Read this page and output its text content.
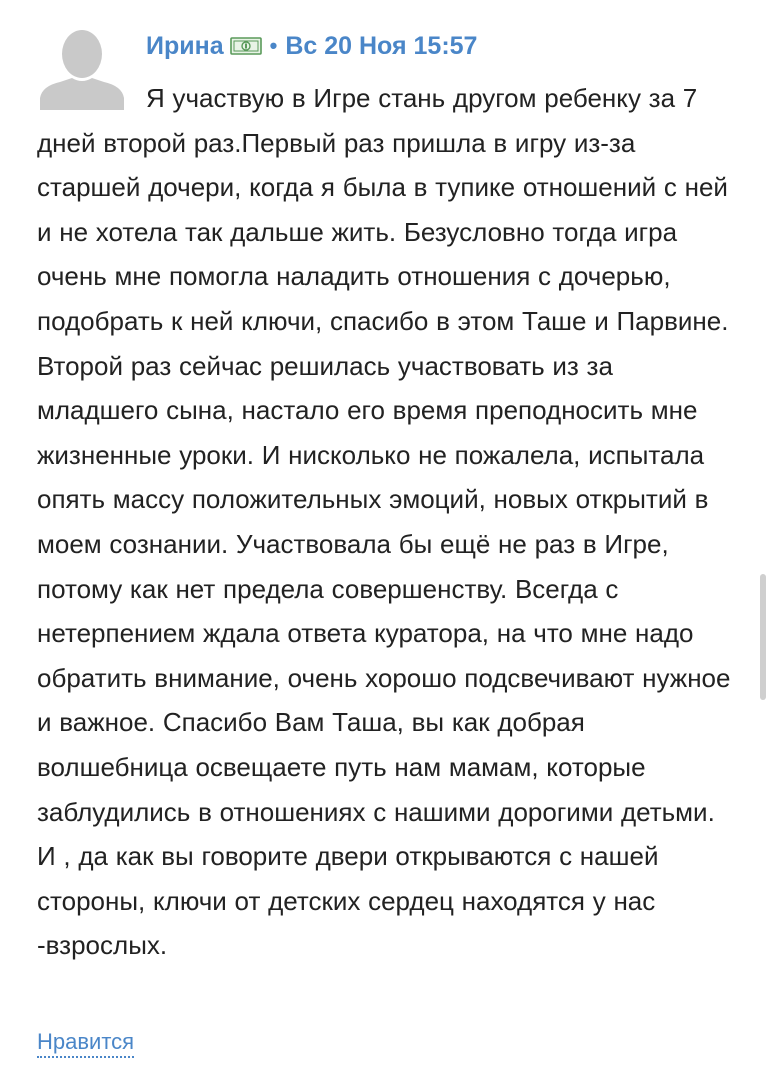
Ирина • Вс 20 Ноя 15:57
Я участвую в Игре стань другом ребенку за 7 дней второй раз.Первый раз пришла в игру из-за старшей дочери, когда я была в тупике отношений с ней и не хотела так дальше жить. Безусловно тогда игра очень мне помогла наладить отношения с дочерью, подобрать к ней ключи, спасибо в этом Таше и Парвине. Второй раз сейчас решилась участвовать из за младшего сына, настало его время преподносить мне жизненные уроки. И нисколько не пожалела, испытала опять массу положительных эмоций, новых открытий в моем сознании. Участвовала бы ещё не раз в Игре, потому как нет предела совершенству. Всегда с нетерпением ждала ответа куратора, на что мне надо обратить внимание, очень хорошо подсвечивают нужное и важное. Спасибо Вам Таша, вы как добрая волшебница освещаете путь нам мамам, которые заблудились в отношениях с нашими дорогими детьми. И , да как вы говорите двери открываются с нашей стороны, ключи от детских сердец находятся у нас -взрослых.
Нравится
